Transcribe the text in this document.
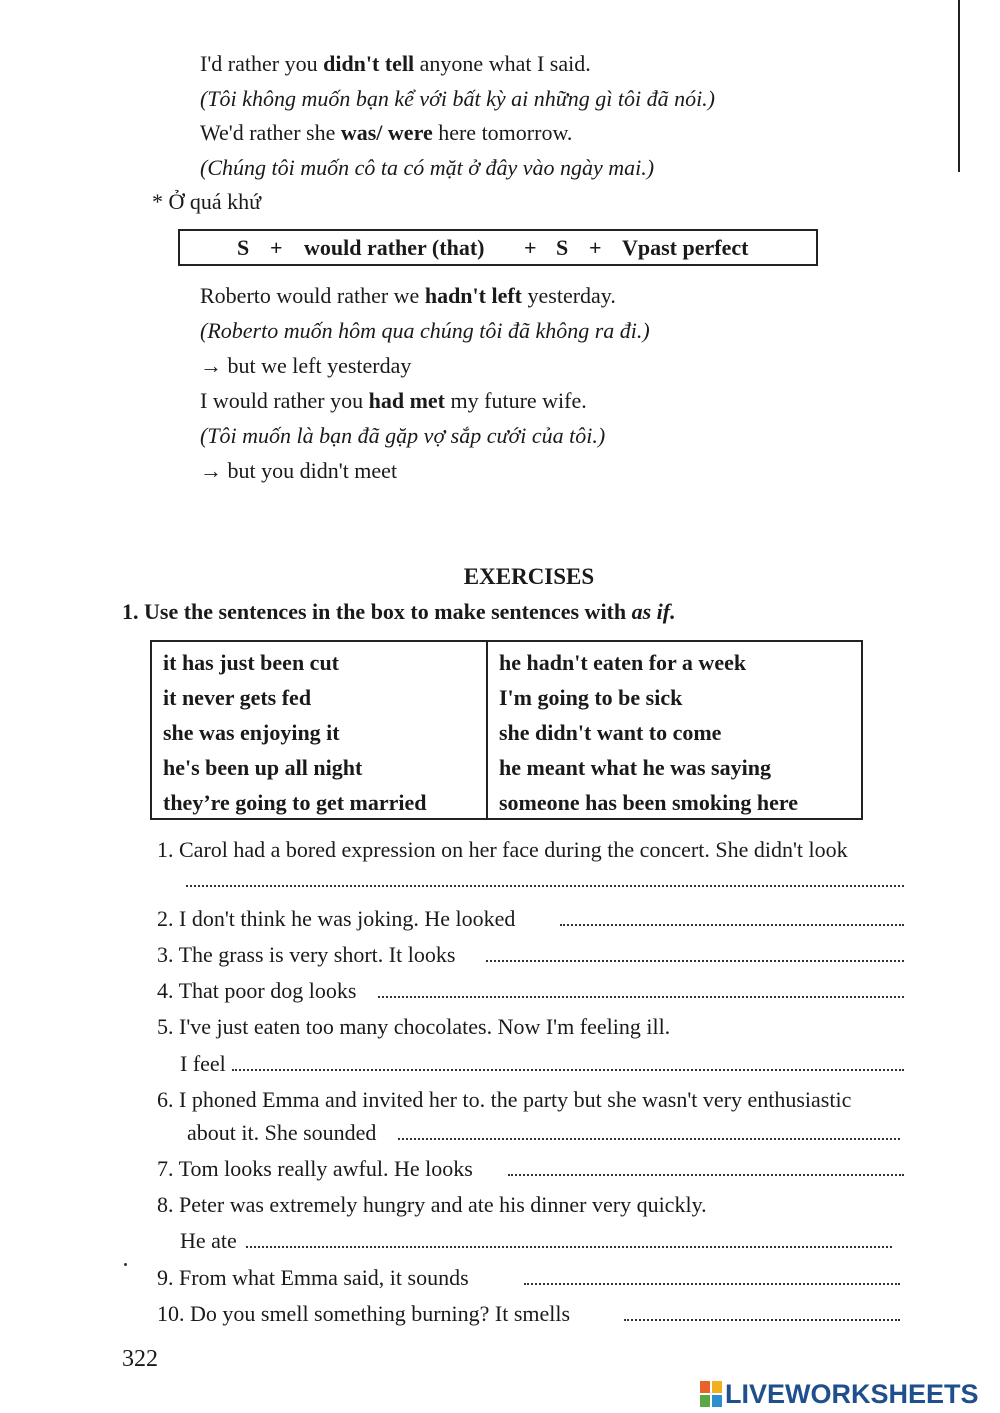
I'd rather you didn't tell anyone what I said.
(Tôi không muốn bạn kể với bất kỳ ai những gì tôi đã nói.)
We'd rather she was/ were here tomorrow.
(Chúng tôi muốn cô ta có mặt ở đây vào ngày mai.)
* Ở quá khứ
S + would rather (that) + S + Vpast perfect
Roberto would rather we hadn't left yesterday.
(Roberto muốn hôm qua chúng tôi đã không ra đi.)
→ but we left yesterday
I would rather you had met my future wife.
(Tôi muốn là bạn đã gặp vợ sắp cưới của tôi.)
→ but you didn't meet
EXERCISES
1. Use the sentences in the box to make sentences with as if.
it has just been cut
it never gets fed
she was enjoying it
he's been up all night
they’re going to get married
he hadn't eaten for a week
I'm going to be sick
she didn't want to come
he meant what he was saying
someone has been smoking here
1. Carol had a bored expression on her face during the concert. She didn't look
2. I don't think he was joking. He looked
3. The grass is very short. It looks
4. That poor dog looks
5. I've just eaten too many chocolates. Now I'm feeling ill.
I feel
6. I phoned Emma and invited her to. the party but she wasn't very enthusiastic
about it. She sounded
7. Tom looks really awful. He looks
8. Peter was extremely hungry and ate his dinner very quickly.
He ate
9. From what Emma said, it sounds
10. Do you smell something burning? It smells
322
LIVEWORKSHEETS
